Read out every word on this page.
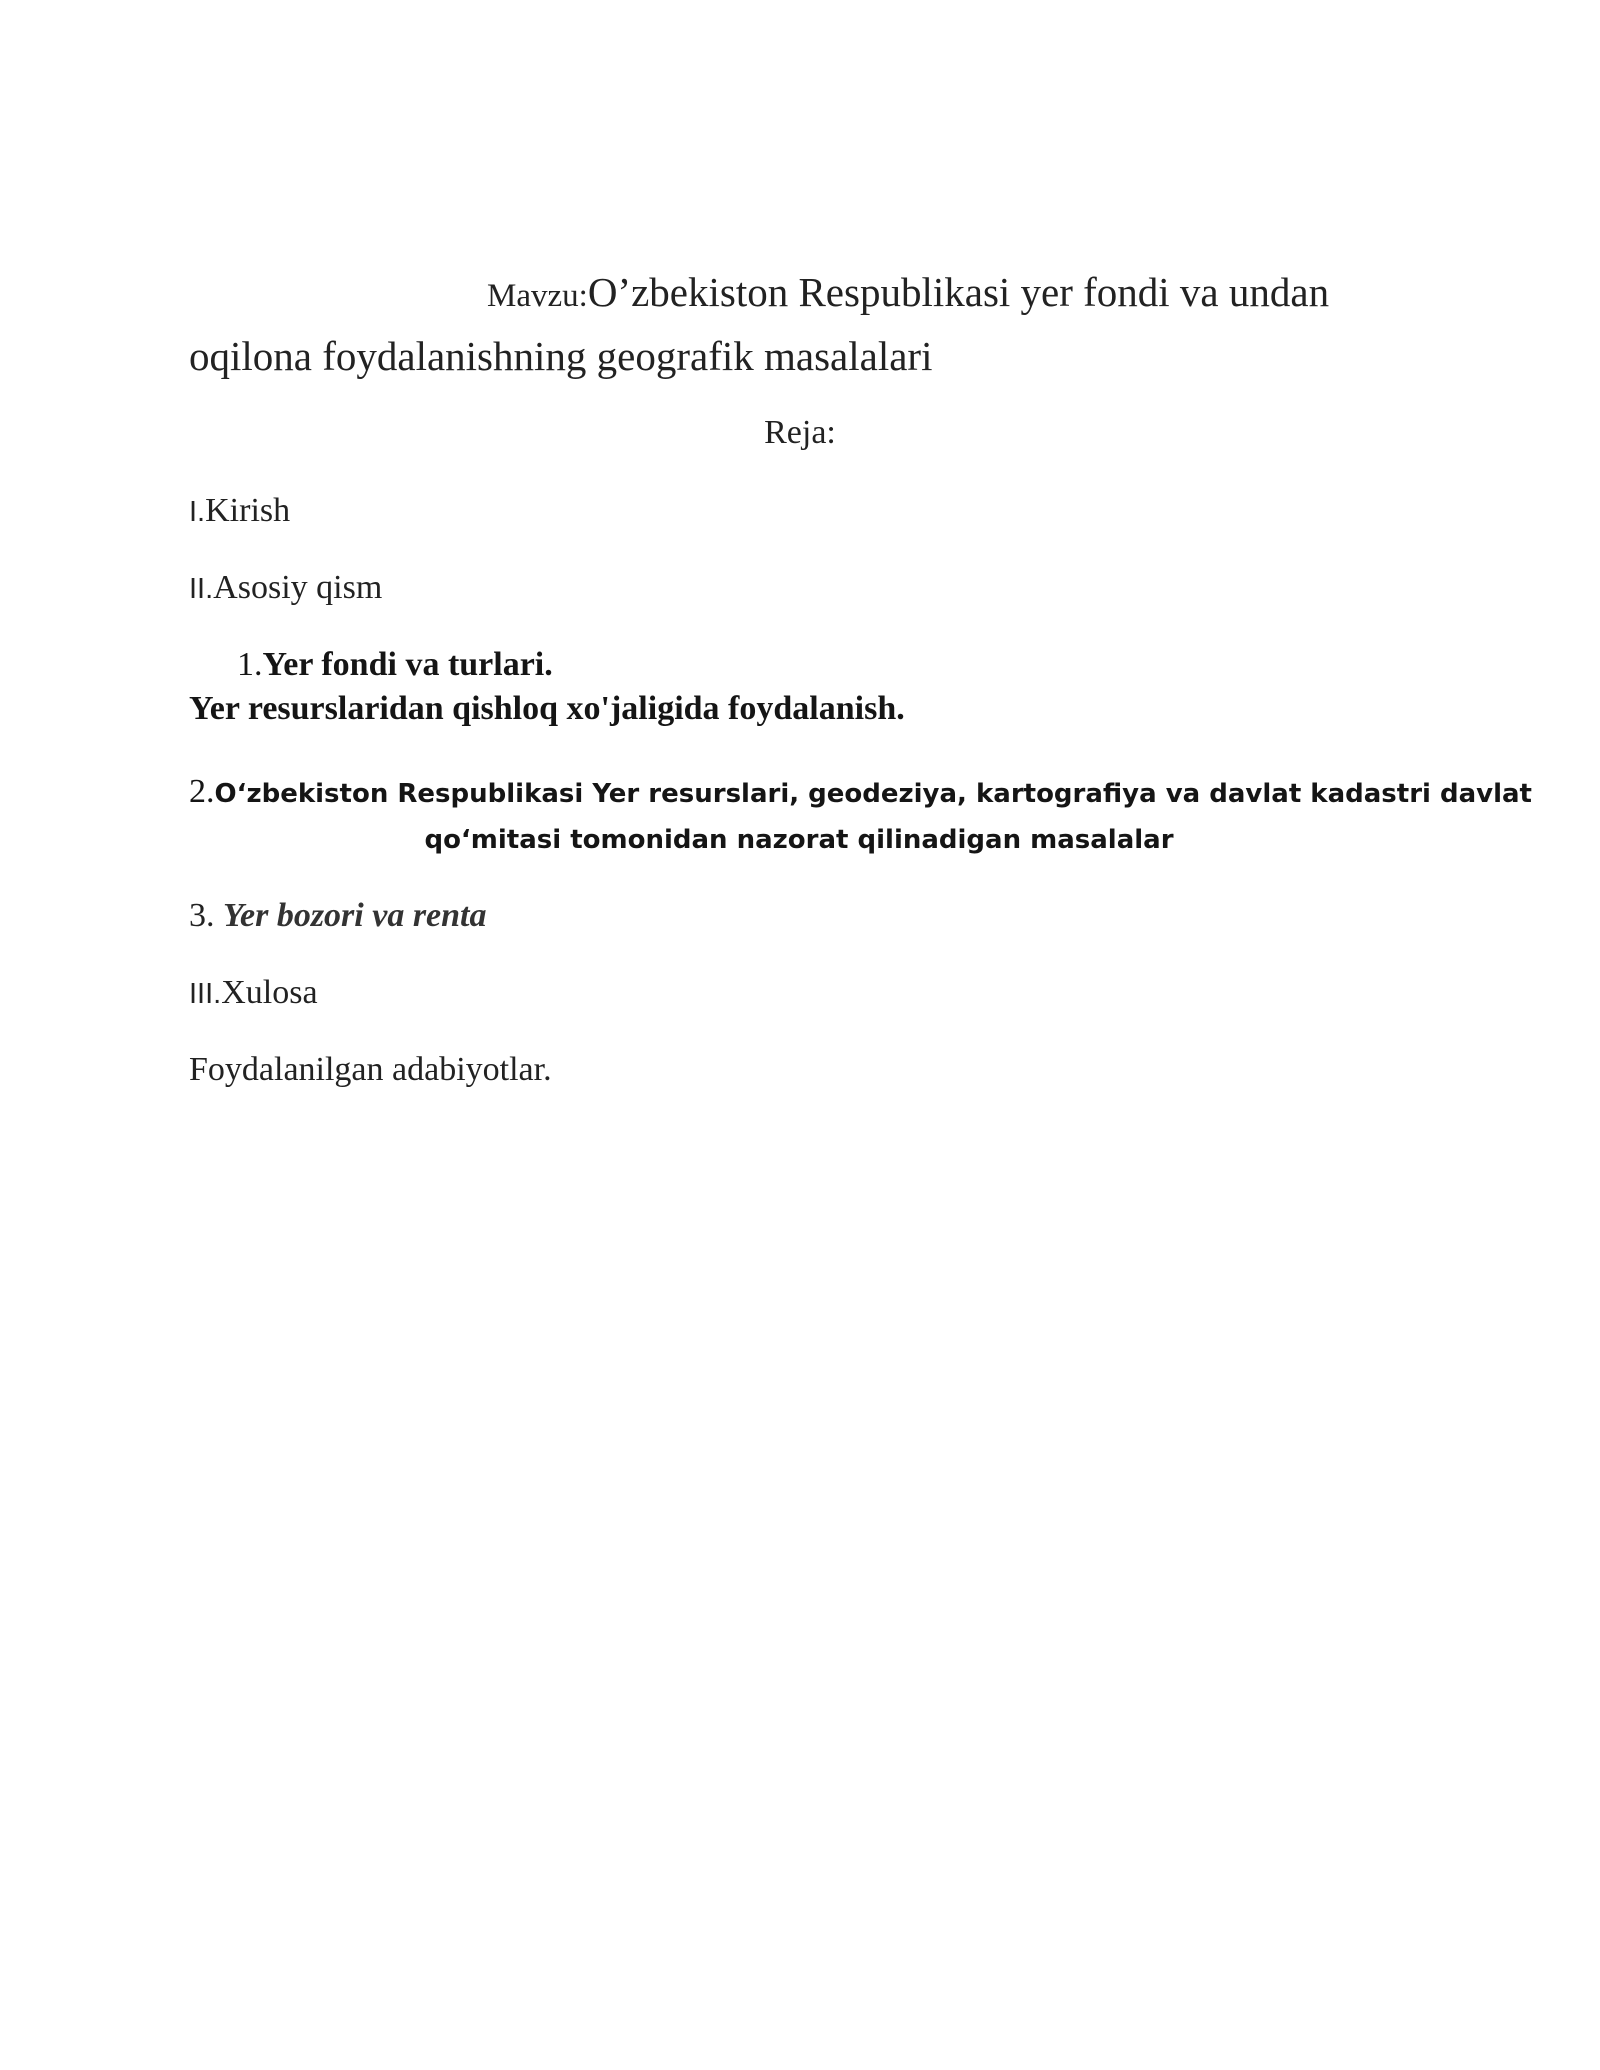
Mavzu:O’zbekiston Respublikasi yer fondi va undan
oqilona foydalanishning geografik masalalari
Reja:
I.Kirish
II.Asosiy qism
1.Yer fondi va turlari.
Yer resurslaridan qishloq xo'jaligida foydalanish.
2.O‘zbekiston Respublikasi Yer resurslari, geodeziya, kartografiya va davlat kadastri davlat
qo‘mitasi tomonidan nazorat qilinadigan masalalar
3. Yer bozori va renta
III.Xulosa
Foydalanilgan adabiyotlar.
